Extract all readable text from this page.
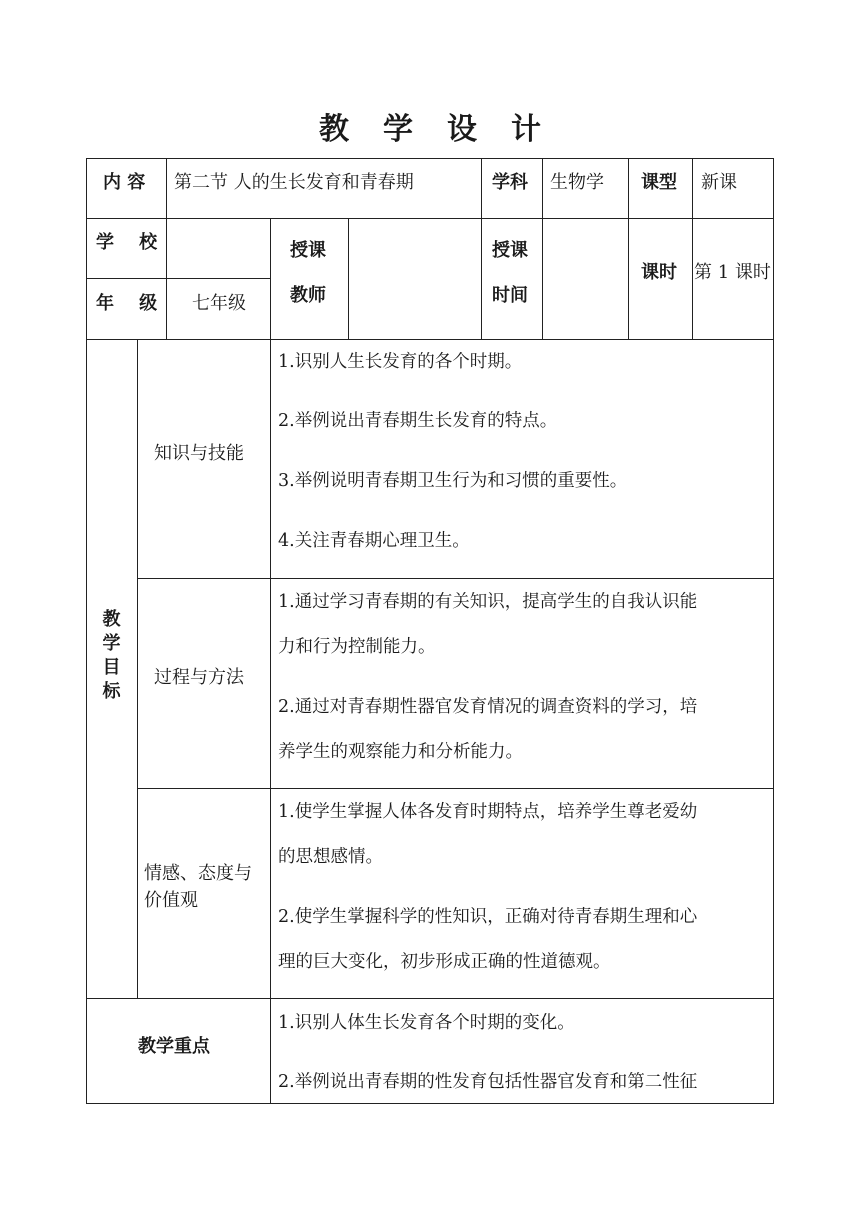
教 学 设 计
内 容 第二节 人的生长发育和青春期	学科 生物学 课型 新课
学    校
年    级 七年级
授课
教师
授课
时间
课时 第 1 课时
教
学
目
标
知识与技能
1.识别人生长发育的各个时期。
2.举例说出青春期生长发育的特点。
3.举例说明青春期卫生行为和习惯的重要性。
4.关注青春期心理卫生。
过程与方法
1.通过学习青春期的有关知识，提高学生的自我认识能
力和行为控制能力。
2.通过对青春期性器官发育情况的调查资料的学习，培
养学生的观察能力和分析能力。
情感、态度与
价值观
1.使学生掌握人体各发育时期特点，培养学生尊老爱幼
的思想感情。
2.使学生掌握科学的性知识，正确对待青春期生理和心
理的巨大变化，初步形成正确的性道德观。
教学重点
1.识别人体生长发育各个时期的变化。
2.举例说出青春期的性发育包括性器官发育和第二性征
